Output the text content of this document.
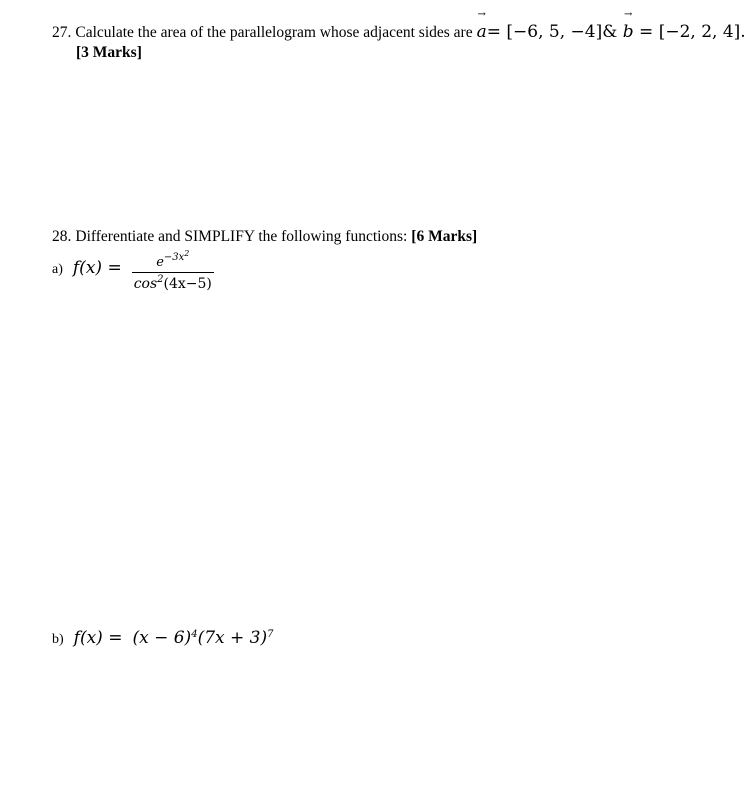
27. Calculate the area of the parallelogram whose adjacent sides are
→
a= [−6, 5, −4]&
→
b = [−2, 2, 4].
[3 Marks]
28. Differentiate and SIMPLIFY the following functions: [6 Marks]
a) $f(x) = \frac{e^{-3x^2}}{\cos^2(4x-5)}$
b) $f(x) = (x - 6)^4(7x + 3)^7$
